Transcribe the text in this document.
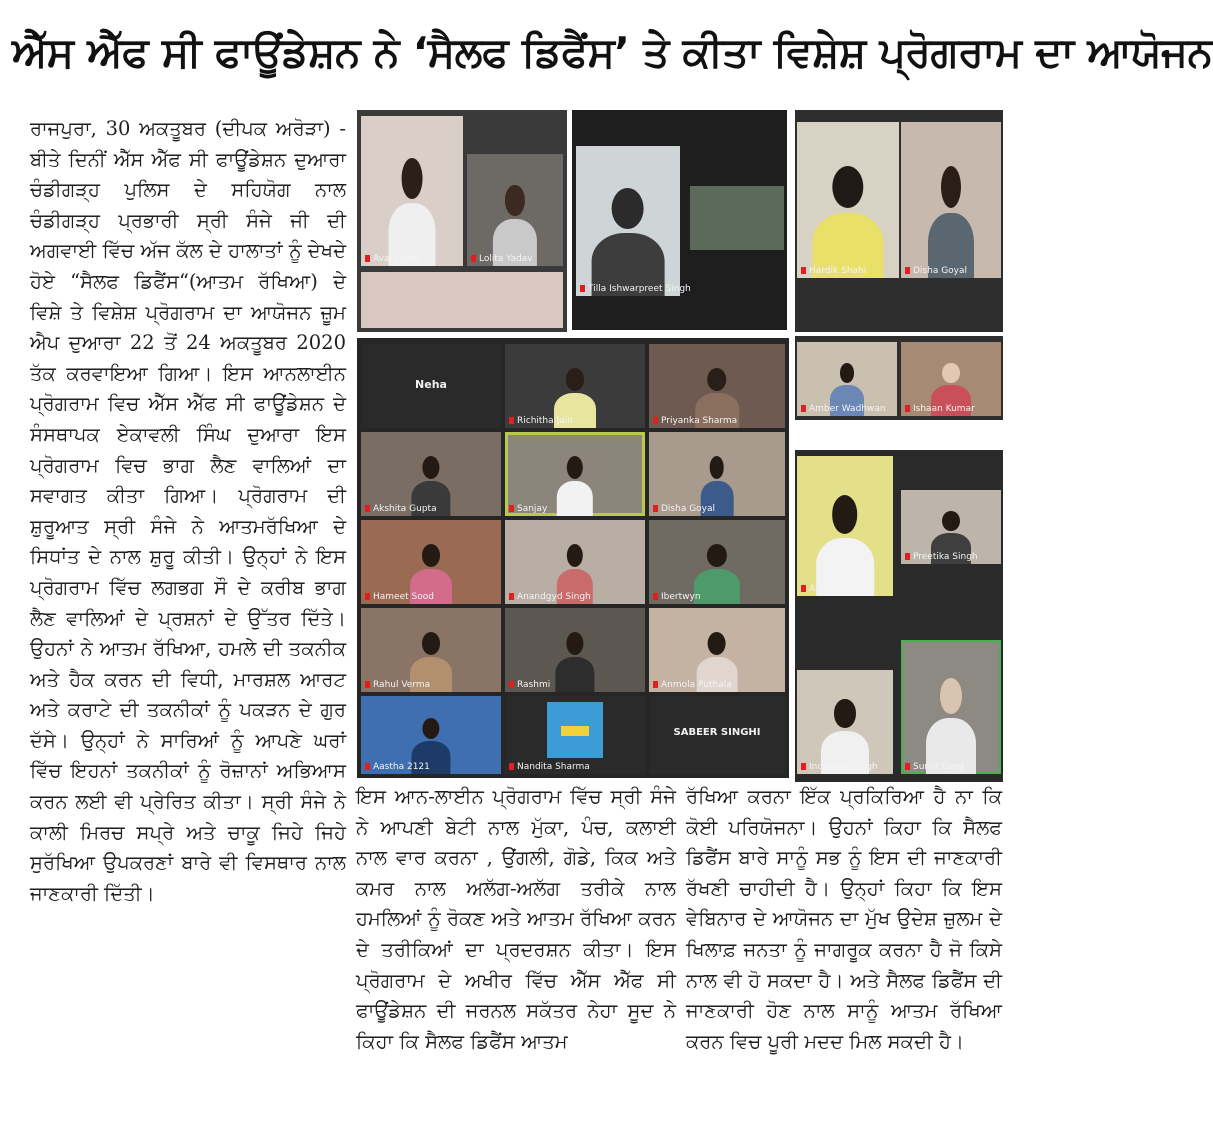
ਐੱਸ ਐੱਫ ਸੀ ਫਾਊਂਡੇਸ਼ਨ ਨੇ ‘ਸੈਲਫ ਡਿਫੈਂਸ’ ਤੇ ਕੀਤਾ ਵਿਸ਼ੇਸ਼ ਪ੍ਰੋਗਰਾਮ ਦਾ ਆਯੋਜਨ

ਰਾਜਪੁਰਾ, 30 ਅਕਤੂਬਰ (ਦੀਪਕ ਅਰੋੜਾ) - ਬੀਤੇ ਦਿਨੀਂ ਐੱਸ ਐੱਫ ਸੀ ਫਾਊਂਡੇਸ਼ਨ ਦੁਆਰਾ ਚੰਡੀਗੜ੍ਹ ਪੁਲਿਸ ਦੇ ਸਹਿਯੋਗ ਨਾਲ ਚੰਡੀਗੜ੍ਹ ਪ੍ਰਭਾਰੀ ਸ੍ਰੀ ਸੰਜੇ ਜੀ ਦੀ ਅਗਵਾਈ ਵਿੱਚ ਅੱਜ ਕੱਲ ਦੇ ਹਾਲਾਤਾਂ ਨੂੰ ਦੇਖਦੇ ਹੋਏ “ਸੈਲਫ ਡਿਫੈਂਸ“(ਆਤਮ ਰੱਖਿਆ) ਦੇ ਵਿਸ਼ੇ ਤੇ ਵਿਸ਼ੇਸ਼ ਪ੍ਰੋਗਰਾਮ ਦਾ ਆਯੋਜਨ ਜ਼ੂਮ ਐਪ ਦੁਆਰਾ 22 ਤੋਂ 24 ਅਕਤੂਬਰ 2020 ਤੱਕ ਕਰਵਾਇਆ ਗਿਆ। ਇਸ ਆਨਲਾਈਨ ਪ੍ਰੋਗਰਾਮ ਵਿਚ ਐੱਸ ਐੱਫ ਸੀ ਫਾਊਂਡੇਸ਼ਨ ਦੇ ਸੰਸਥਾਪਕ ਏਕਾਵਲੀ ਸਿੰਘ ਦੁਆਰਾ ਇਸ ਪ੍ਰੋਗਰਾਮ ਵਿਚ ਭਾਗ ਲੈਣ ਵਾਲਿਆਂ ਦਾ ਸਵਾਗਤ ਕੀਤਾ ਗਿਆ। ਪ੍ਰੋਗਰਾਮ ਦੀ ਸ਼ੁਰੂਆਤ ਸ੍ਰੀ ਸੰਜੇ ਨੇ ਆਤਮਰੱਖਿਆ ਦੇ ਸਿਧਾਂਤ ਦੇ ਨਾਲ ਸ਼ੁਰੂ ਕੀਤੀ। ਉਨ੍ਹਾਂ ਨੇ ਇਸ ਪ੍ਰੋਗਰਾਮ ਵਿੱਚ ਲਗਭਗ ਸੌ ਦੇ ਕਰੀਬ ਭਾਗ ਲੈਣ ਵਾਲਿਆਂ ਦੇ ਪ੍ਰਸ਼ਨਾਂ ਦੇ ਉੱਤਰ ਦਿੱਤੇ। ਉਹਨਾਂ ਨੇ ਆਤਮ ਰੱਖਿਆ, ਹਮਲੇ ਦੀ ਤਕਨੀਕ ਅਤੇ ਹੈਕ ਕਰਨ ਦੀ ਵਿਧੀ, ਮਾਰਸ਼ਲ ਆਰਟ ਅਤੇ ਕਰਾਟੇ ਦੀ ਤਕਨੀਕਾਂ ਨੂੰ ਪਕੜਨ ਦੇ ਗੁਰ ਦੱਸੇ। ਉਨ੍ਹਾਂ ਨੇ ਸਾਰਿਆਂ ਨੂੰ ਆਪਣੇ ਘਰਾਂ ਵਿੱਚ ਇਹਨਾਂ ਤਕਨੀਕਾਂ ਨੂੰ ਰੋਜ਼ਾਨਾਂ ਅਭਿਆਸ ਕਰਨ ਲਈ ਵੀ ਪ੍ਰੇਰਿਤ ਕੀਤਾ। ਸ੍ਰੀ ਸੰਜੇ ਨੇ ਕਾਲੀ ਮਿਰਚ ਸਪ੍ਰੇ ਅਤੇ ਚਾਕੂ ਜਿਹੇ ਜਿਹੇ ਸੁਰੱਖਿਆ ਉਪਕਰਣਾਂ ਬਾਰੇ ਵੀ ਵਿਸਥਾਰ ਨਾਲ ਜਾਣਕਾਰੀ ਦਿੱਤੀ।

ਇਸ ਆਨ-ਲਾਈਨ ਪ੍ਰੋਗਰਾਮ ਵਿੱਚ ਸ੍ਰੀ ਸੰਜੇ ਨੇ ਆਪਣੀ ਬੇਟੀ ਨਾਲ ਮੁੱਕਾ, ਪੰਚ, ਕਲਾਈ ਨਾਲ ਵਾਰ ਕਰਨਾ , ਉਂਗਲੀ, ਗੋਡੇ, ਕਿਕ ਅਤੇ ਕਮਰ ਨਾਲ ਅਲੱਗ-ਅਲੱਗ ਤਰੀਕੇ ਨਾਲ ਹਮਲਿਆਂ ਨੂੰ ਰੋਕਣ ਅਤੇ ਆਤਮ ਰੱਖਿਆ ਕਰਨ ਦੇ ਤਰੀਕਿਆਂ ਦਾ ਪ੍ਰਦਰਸ਼ਨ ਕੀਤਾ। ਇਸ ਪ੍ਰੋਗਰਾਮ ਦੇ ਅਖੀਰ ਵਿੱਚ ਐੱਸ ਐੱਫ ਸੀ ਫਾਊਂਡੇਸ਼ਨ ਦੀ ਜਰਨਲ ਸਕੱਤਰ ਨੇਹਾ ਸੂਦ ਨੇ ਕਿਹਾ ਕਿ ਸੈਲਫ ਡਿਫੈਂਸ ਆਤਮ

ਰੱਖਿਆ ਕਰਨਾ ਇੱਕ ਪ੍ਰਕਿਰਿਆ ਹੈ ਨਾ ਕਿ ਕੋਈ ਪਰਿਯੋਜਨਾ। ਉਹਨਾਂ ਕਿਹਾ ਕਿ ਸੈਲਫ ਡਿਫੈਂਸ ਬਾਰੇ ਸਾਨੂੰ ਸਭ ਨੂੰ ਇਸ ਦੀ ਜਾਣਕਾਰੀ ਰੱਖਣੀ ਚਾਹੀਦੀ ਹੈ। ਉਨ੍ਹਾਂ ਕਿਹਾ ਕਿ ਇਸ ਵੇਬਿਨਾਰ ਦੇ ਆਯੋਜਨ ਦਾ ਮੁੱਖ ਉਦੇਸ਼ ਜ਼ੁਲਮ ਦੇ ਖਿਲਾਫ਼ ਜਨਤਾ ਨੂੰ ਜਾਗਰੂਕ ਕਰਨਾ ਹੈ ਜੋ ਕਿਸੇ ਨਾਲ ਵੀ ਹੋ ਸਕਦਾ ਹੈ। ਅਤੇ ਸੈਲਫ ਡਿਫੈਂਸ ਦੀ ਜਾਣਕਾਰੀ ਹੋਣ ਨਾਲ ਸਾਨੂੰ ਆਤਮ ਰੱਖਿਆ ਕਰਨ ਵਿਚ ਪੂਰੀ ਮਦਦ ਮਿਲ ਸਕਦੀ ਹੈ।

Avani Sam	Lolita Yadav
Tilla Ishwarpreet Singh
Hardik Shahi	Disha Goyal
Neha
Richitha Jain	Priyanka Sharma
Akshita Gupta	Sanjay	Disha Goyal
Hameet Sood	Anandgyd Singh	Ibertwyn
Rahul Verma	Rashmi	Anmola Puthala
Aastha 2121	Nandita Sharma
SABEER SINGHI
Amber Wadhwan	Ishaan Kumar
Aarushi Garg
Preetika Singh
Inderjeet Singh	Sumit Garg
